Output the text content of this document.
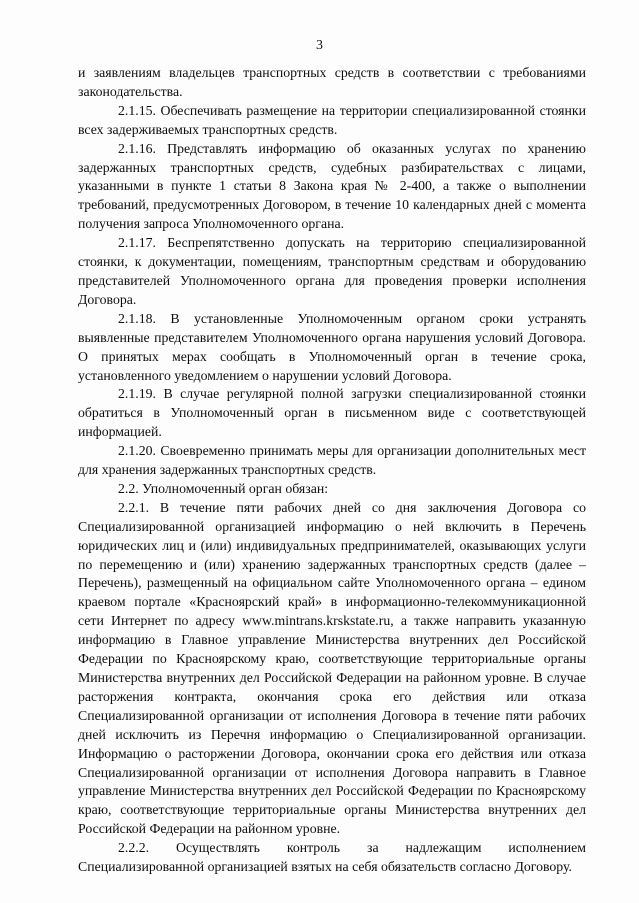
3

и заявлениям владельцев транспортных средств в соответствии с требованиями законодательства.

2.1.15. Обеспечивать размещение на территории специализированной стоянки всех задерживаемых транспортных средств.

2.1.16. Представлять информацию об оказанных услугах по хранению задержанных транспортных средств, судебных разбирательствах с лицами, указанными в пункте 1 статьи 8 Закона края № 2-400, а также о выполнении требований, предусмотренных Договором, в течение 10 календарных дней с момента получения запроса Уполномоченного органа.

2.1.17. Беспрепятственно допускать на территорию специализированной стоянки, к документации, помещениям, транспортным средствам и оборудованию представителей Уполномоченного органа для проведения проверки исполнения Договора.

2.1.18. В установленные Уполномоченным органом сроки устранять выявленные представителем Уполномоченного органа нарушения условий Договора. О принятых мерах сообщать в Уполномоченный орган в течение срока, установленного уведомлением о нарушении условий Договора.

2.1.19. В случае регулярной полной загрузки специализированной стоянки обратиться в Уполномоченный орган в письменном виде с соответствующей информацией.

2.1.20. Своевременно принимать меры для организации дополнительных мест для хранения задержанных транспортных средств.

2.2. Уполномоченный орган обязан:

2.2.1. В течение пяти рабочих дней со дня заключения Договора со Специализированной организацией информацию о ней включить в Перечень юридических лиц и (или) индивидуальных предпринимателей, оказывающих услуги по перемещению и (или) хранению задержанных транспортных средств (далее – Перечень), размещенный на официальном сайте Уполномоченного органа – едином краевом портале «Красноярский край» в информационно-телекоммуникационной сети Интернет по адресу www.mintrans.krskstate.ru, а также направить указанную информацию в Главное управление Министерства внутренних дел Российской Федерации по Красноярскому краю, соответствующие территориальные органы Министерства внутренних дел Российской Федерации на районном уровне. В случае расторжения контракта, окончания срока его действия или отказа Специализированной организации от исполнения Договора в течение пяти рабочих дней исключить из Перечня информацию о Специализированной организации. Информацию о расторжении Договора, окончании срока его действия или отказа Специализированной организации от исполнения Договора направить в Главное управление Министерства внутренних дел Российской Федерации по Красноярскому краю, соответствующие территориальные органы Министерства внутренних дел Российской Федерации на районном уровне.

2.2.2. Осуществлять контроль за надлежащим исполнением Специализированной организацией взятых на себя обязательств согласно Договору.
